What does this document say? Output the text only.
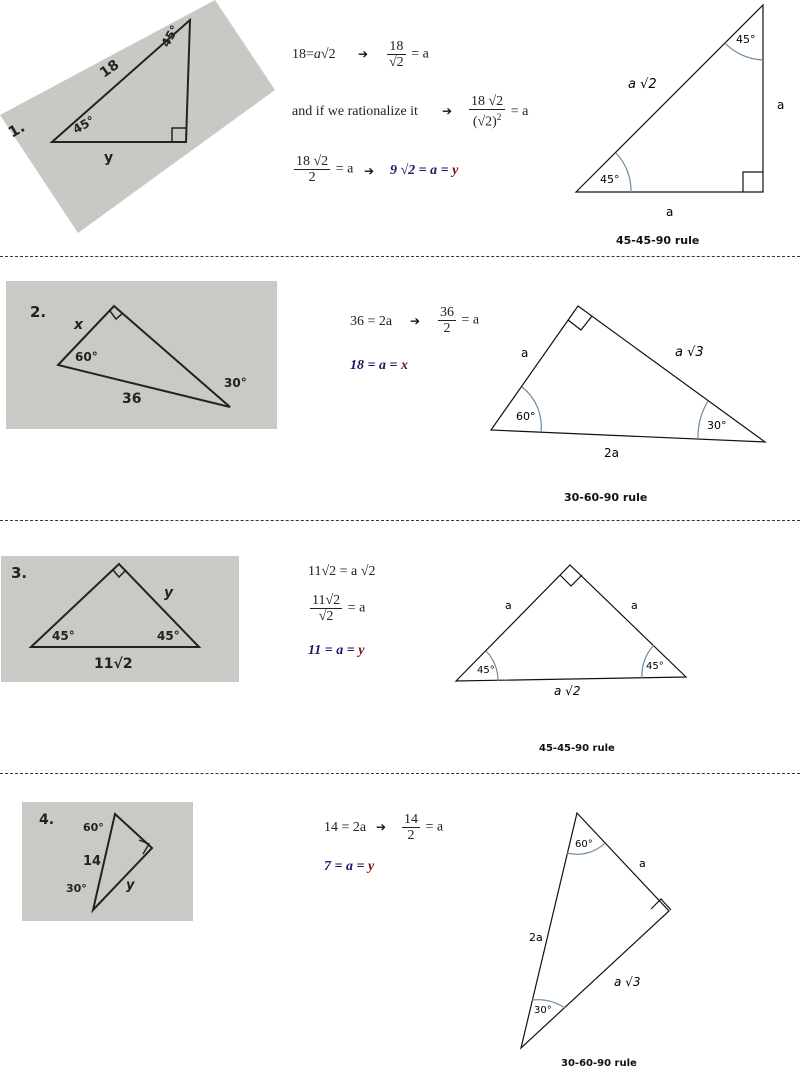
1.
18
y
45°
45°
18=a√2 ➔ $\frac{18}{√2} = a$
and if we rationalize it ➔ $\frac{18 √2}{(√2)^2} = a$
$\frac{18 √2}{2} = a$ ➔ 9 √2 = a = y
45°
45°
a √2
a
a
45-45-90 rule
2.
x
36
60°
30°
36 = 2a ➔ $\frac{36}{2} = a$
18 = a = x
60°
30°
a	a √3
2a
30-60-90 rule
3.
y
11√2
45°	45°
11√2 = a √2
$\frac{11√2}{√2} = a$
11 = a = y
45°	45°
a	a
a √2
45-45-90 rule
4.	60°
14
y
30°
14 = 2a ➔ $\frac{14}{2} = a$
7 = a = y
60°
30°
a
2a
a √3
30-60-90 rule
